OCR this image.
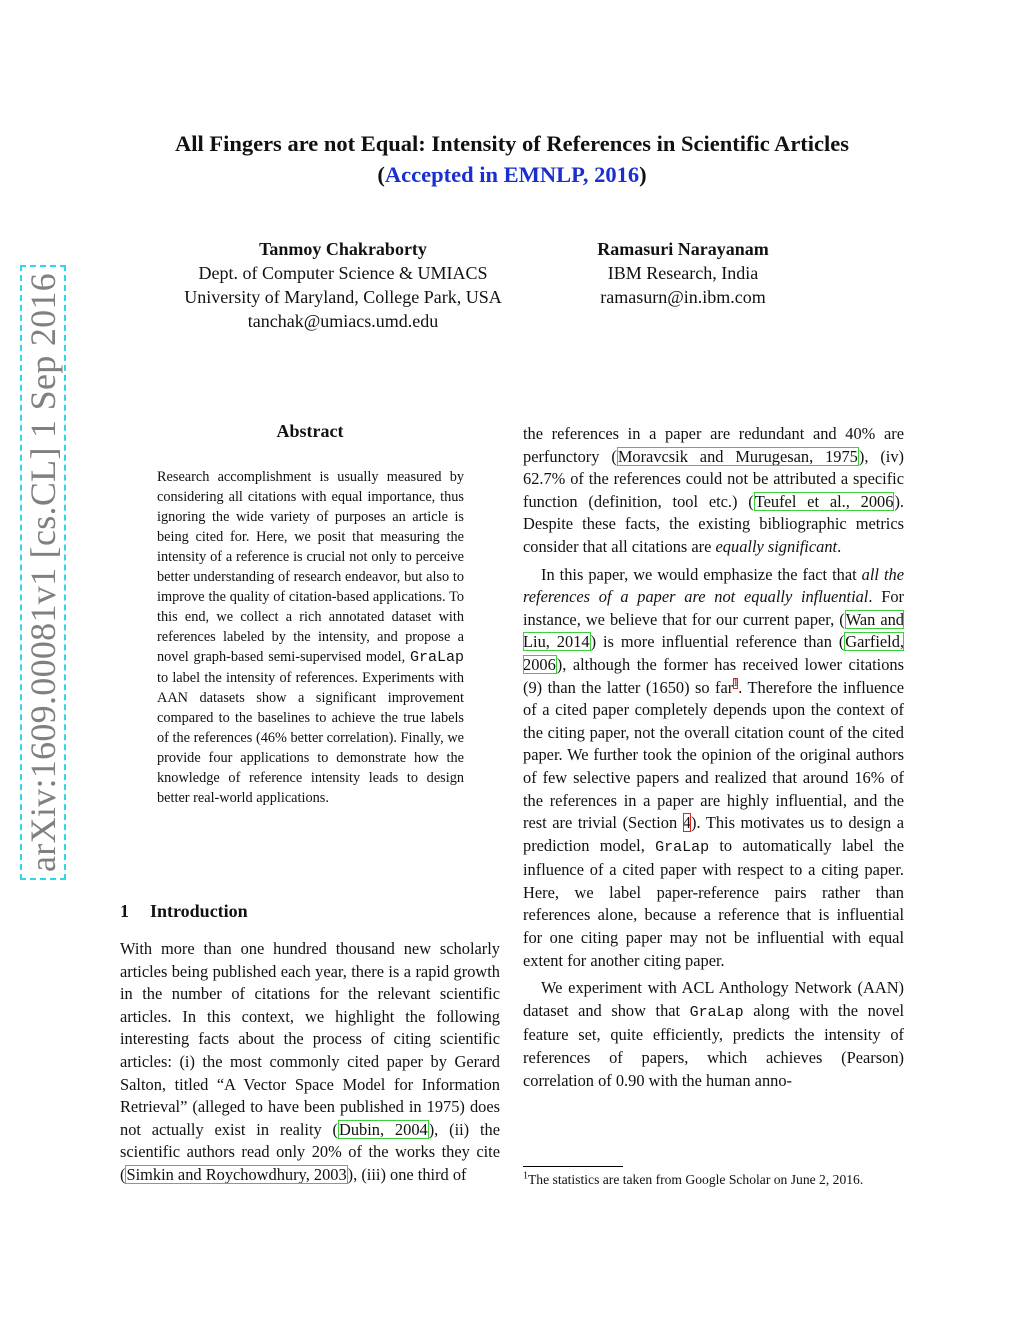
arXiv:1609.00081v1 [cs.CL] 1 Sep 2016
All Fingers are not Equal: Intensity of References in Scientific Articles
(Accepted in EMNLP, 2016)
Tanmoy Chakraborty
Dept. of Computer Science & UMIACS
University of Maryland, College Park, USA
tanchak@umiacs.umd.edu
Ramasuri Narayanam
IBM Research, India
ramasurn@in.ibm.com
Abstract
Research accomplishment is usually measured by considering all citations with equal importance, thus ignoring the wide variety of purposes an article is being cited for. Here, we posit that measuring the intensity of a reference is crucial not only to perceive better understanding of research endeavor, but also to improve the quality of citation-based applications. To this end, we collect a rich annotated dataset with references labeled by the intensity, and propose a novel graph-based semi-supervised model, GraLap to label the intensity of references. Experiments with AAN datasets show a significant improvement compared to the baselines to achieve the true labels of the references (46% better correlation). Finally, we provide four applications to demonstrate how the knowledge of reference intensity leads to design better real-world applications.
1 Introduction

With more than one hundred thousand new scholarly articles being published each year, there is a rapid growth in the number of citations for the relevant scientific articles. In this context, we highlight the following interesting facts about the process of citing scientific articles: (i) the most commonly cited paper by Gerard Salton, titled “A Vector Space Model for Information Retrieval” (alleged to have been published in 1975) does not actually exist in reality (Dubin, 2004), (ii) the scientific authors read only 20% of the works they cite (Simkin and Roychowdhury, 2003), (iii) one third of

the references in a paper are redundant and 40% are perfunctory (Moravcsik and Murugesan, 1975), (iv) 62.7% of the references could not be attributed a specific function (definition, tool etc.) (Teufel et al., 2006). Despite these facts, the existing bibliographic metrics consider that all citations are equally significant.

In this paper, we would emphasize the fact that all the references of a paper are not equally influential. For instance, we believe that for our current paper, (Wan and Liu, 2014) is more influential reference than (Garfield, 2006), although the former has received lower citations (9) than the latter (1650) so far$^1$. Therefore the influence of a cited paper completely depends upon the context of the citing paper, not the overall citation count of the cited paper. We further took the opinion of the original authors of few selective papers and realized that around 16% of the references in a paper are highly influential, and the rest are trivial (Section 4). This motivates us to design a prediction model, GraLap to automatically label the influence of a cited paper with respect to a citing paper. Here, we label paper-reference pairs rather than references alone, because a reference that is influential for one citing paper may not be influential with equal extent for another citing paper.

We experiment with ACL Anthology Network (AAN) dataset and show that GraLap along with the novel feature set, quite efficiently, predicts the intensity of references of papers, which achieves (Pearson) correlation of 0.90 with the human anno-

$^1$The statistics are taken from Google Scholar on June 2, 2016.
